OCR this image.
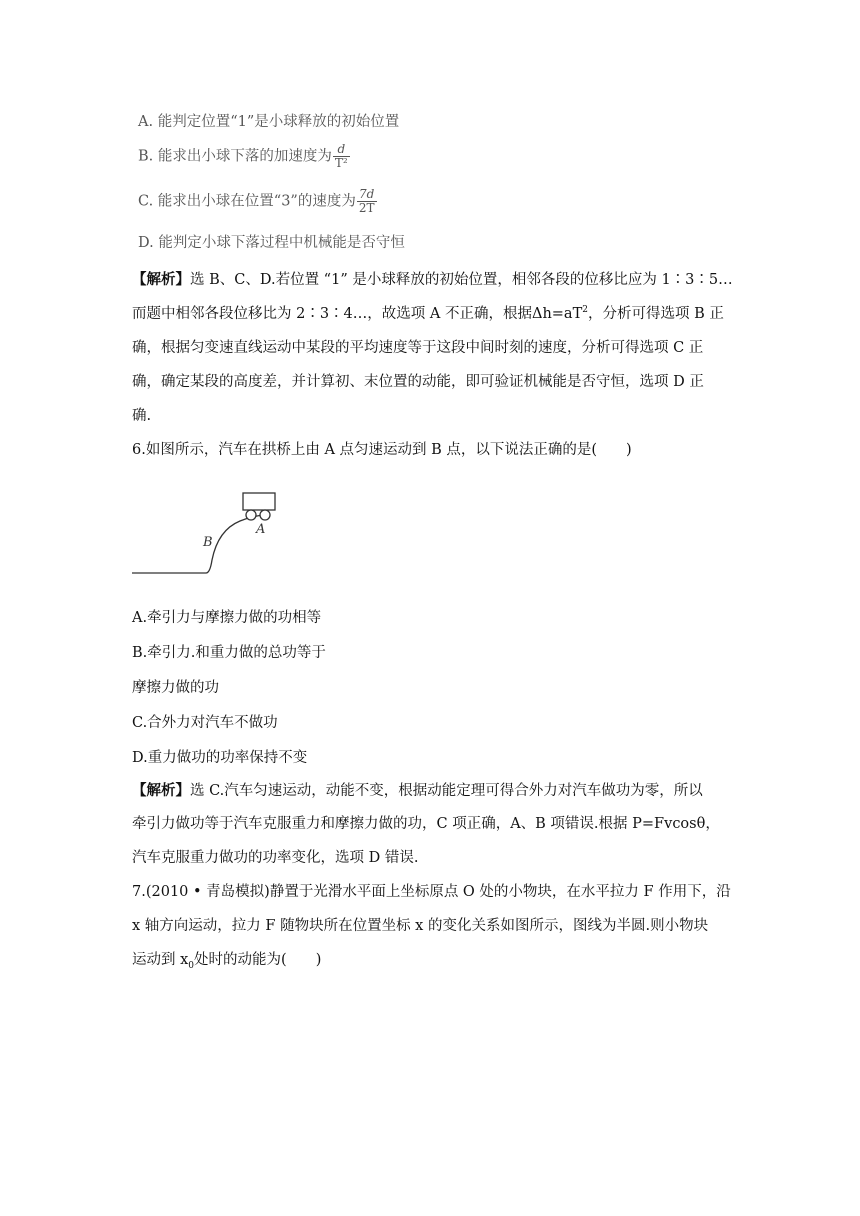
A. 能判定位置“1”是小球释放的初始位置
B. 能求出小球下落的加速度为 $\frac{d}{\text{T²}}$
C. 能求出小球在位置“3”的速度为 $\frac{7d}{2T}$
D. 能判定小球下落过程中机械能是否守恒
【解析】选 B、C、D.若位置 “1” 是小球释放的初始位置，相邻各段的位移比应为 1∶3∶5…
而题中相邻各段位移比为 2∶3∶4…，故选项 A 不正确，根据$\Delta h=aT^2$，分析可得选项 B 正
确，根据匀变速直线运动中某段的平均速度等于这段中间时刻的速度，分析可得选项 C 正
确，确定某段的高度差，并计算初、末位置的动能，即可验证机械能是否守恒，选项 D 正
确.
6.如图所示，汽车在拱桥上由 A 点匀速运动到 B 点，以下说法正确的是(　　)
A
B
A.牵引力与摩擦力做的功相等
B.牵引力.和重力做的总功等于
摩擦力做的功
C.合外力对汽车不做功
D.重力做功的功率保持不变
【解析】选 C.汽车匀速运动，动能不变，根据动能定理可得合外力对汽车做功为零，所以
牵引力做功等于汽车克服重力和摩擦力做的功，C 项正确，A、B 项错误.根据 P=Fvcosθ，
汽车克服重力做功的功率变化，选项 D 错误.
7.(2010 • 青岛模拟)静置于光滑水平面上坐标原点 O 处的小物块，在水平拉力 F 作用下，沿
x 轴方向运动，拉力 F 随物块所在位置坐标 x 的变化关系如图所示，图线为半圆.则小物块
运动到 $x_0$处时的动能为(　　)
